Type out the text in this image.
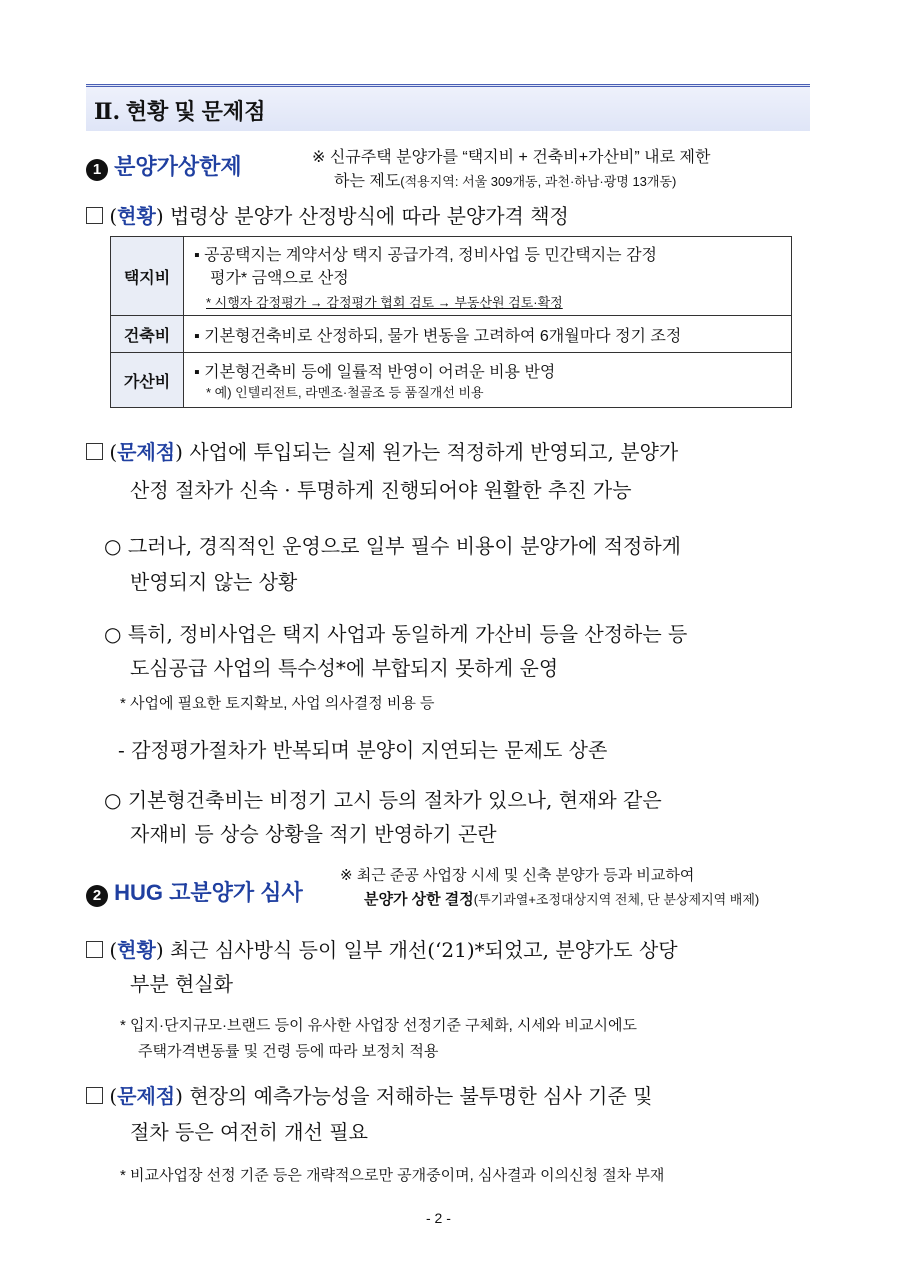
Ⅱ. 현황 및 문제점
1 분양가상한제	※ 신규주택 분양가를 “택지비 + 건축비+가산비” 내로 제한
하는 제도(적용지역: 서울 309개동, 과천·하남·광명 13개동)
(현황) 법령상 분양가 산정방식에 따라 분양가격 책정
택지비	▪ 공공택지는 계약서상 택지 공급가격, 정비사업 등 민간택지는 감정
평가* 금액으로 산정
* 시행자 감정평가 → 감정평가 협회 검토 → 부동산원 검토·확정

건축비	▪ 기본형건축비로 산정하되, 물가 변동을 고려하여 6개월마다 정기 조정
가산비	▪ 기본형건축비 등에 일률적 반영이 어려운 비용 반영
* 예) 인텔리전트, 라멘조·철골조 등 품질개선 비용
(문제점) 사업에 투입되는 실제 원가는 적정하게 반영되고, 분양가
산정 절차가 신속 · 투명하게 진행되어야 원활한 추진 가능
○ 그러나, 경직적인 운영으로 일부 필수 비용이 분양가에 적정하게
반영되지 않는 상황
○ 특히, 정비사업은 택지 사업과 동일하게 가산비 등을 산정하는 등
도심공급 사업의 특수성*에 부합되지 못하게 운영
* 사업에 필요한 토지확보, 사업 의사결정 비용 등
- 감정평가절차가 반복되며 분양이 지연되는 문제도 상존
○ 기본형건축비는 비정기 고시 등의 절차가 있으나, 현재와 같은
자재비 등 상승 상황을 적기 반영하기 곤란
2 HUG 고분양가 심사
※ 최근 준공 사업장 시세 및 신축 분양가 등과 비교하여
분양가 상한 결정(투기과열+조정대상지역 전체, 단 분상제지역 배제)
(현황) 최근 심사방식 등이 일부 개선(‘21)*되었고, 분양가도 상당
부분 현실화
* 입지·단지규모·브랜드 등이 유사한 사업장 선정기준 구체화, 시세와 비교시에도
주택가격변동률 및 건령 등에 따라 보정치 적용
(문제점) 현장의 예측가능성을 저해하는 불투명한 심사 기준 및
절차 등은 여전히 개선 필요
* 비교사업장 선정 기준 등은 개략적으로만 공개중이며, 심사결과 이의신청 절차 부재
- 2 -
